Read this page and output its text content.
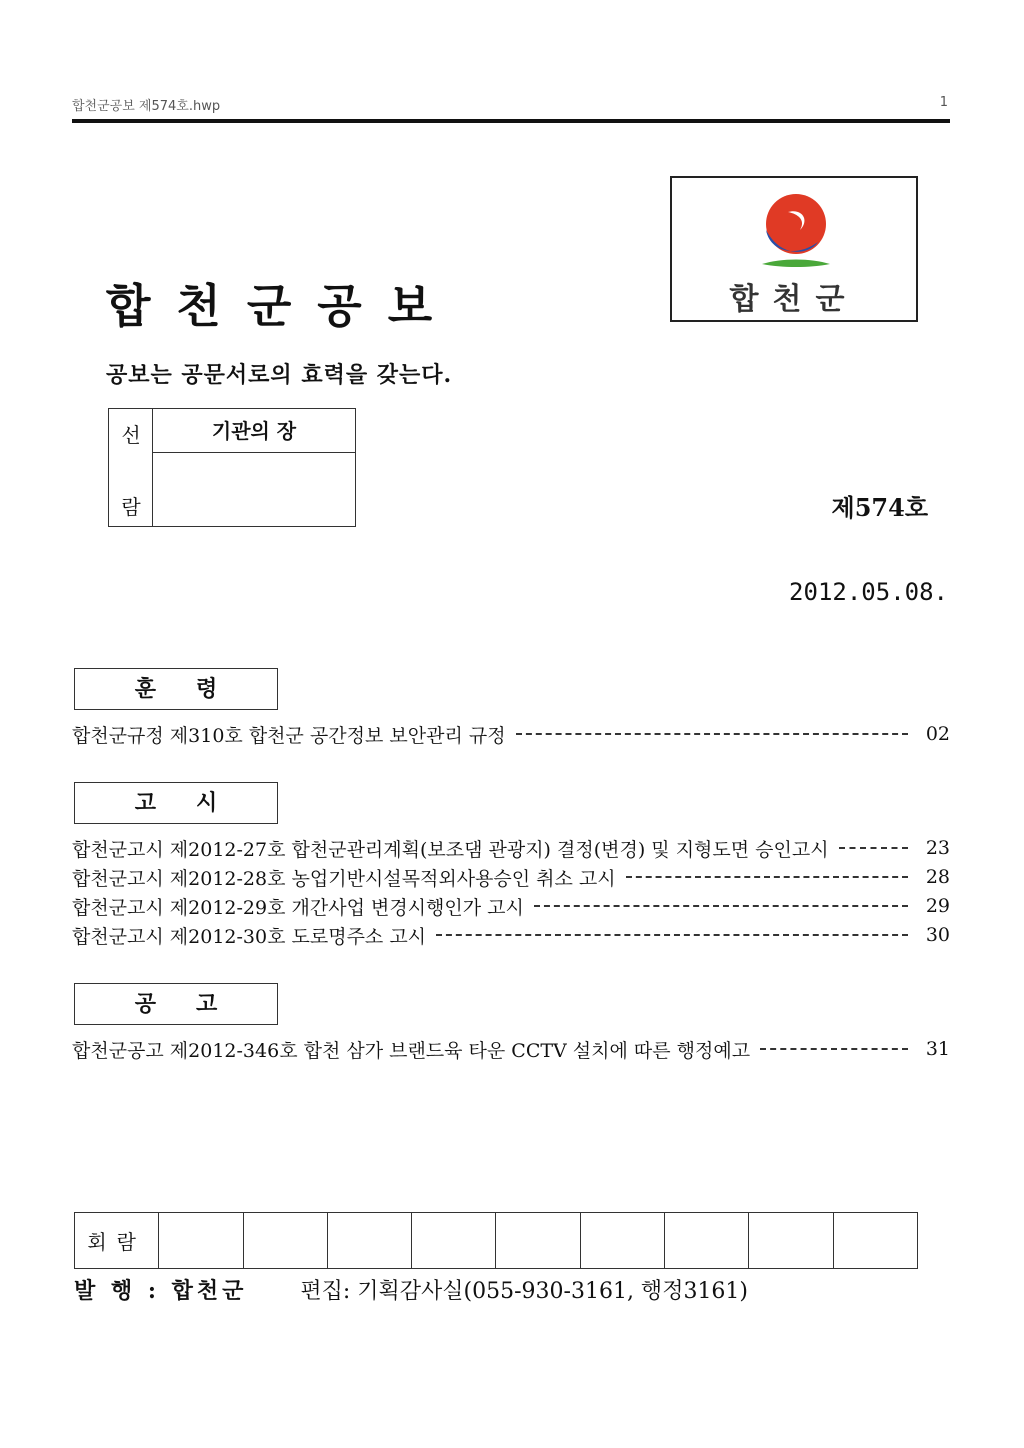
합천군공보 제574호.hwp	1
합천군
합천군공보
공보는 공문서로의 효력을 갖는다.
선
람
기관의 장
제574호
2012.05.08.
훈령
합천군규정 제310호 합천군 공간정보 보안관리 규정	02
고시
합천군고시 제2012-27호 합천군관리계획(보조댐 관광지) 결정(변경) 및 지형도면 승인고시	23
합천군고시 제2012-28호 농업기반시설목적외사용승인 취소 고시	28
합천군고시 제2012-29호 개간사업 변경시행인가 고시	29
합천군고시 제2012-30호 도로명주소 고시	30
공고
합천군공고 제2012-346호 합천 삼가 브랜드육 타운 CCTV 설치에 따른 행정예고	31
회람
발 행 : 합천군 편집: 기획감사실(055-930-3161, 행정3161)
